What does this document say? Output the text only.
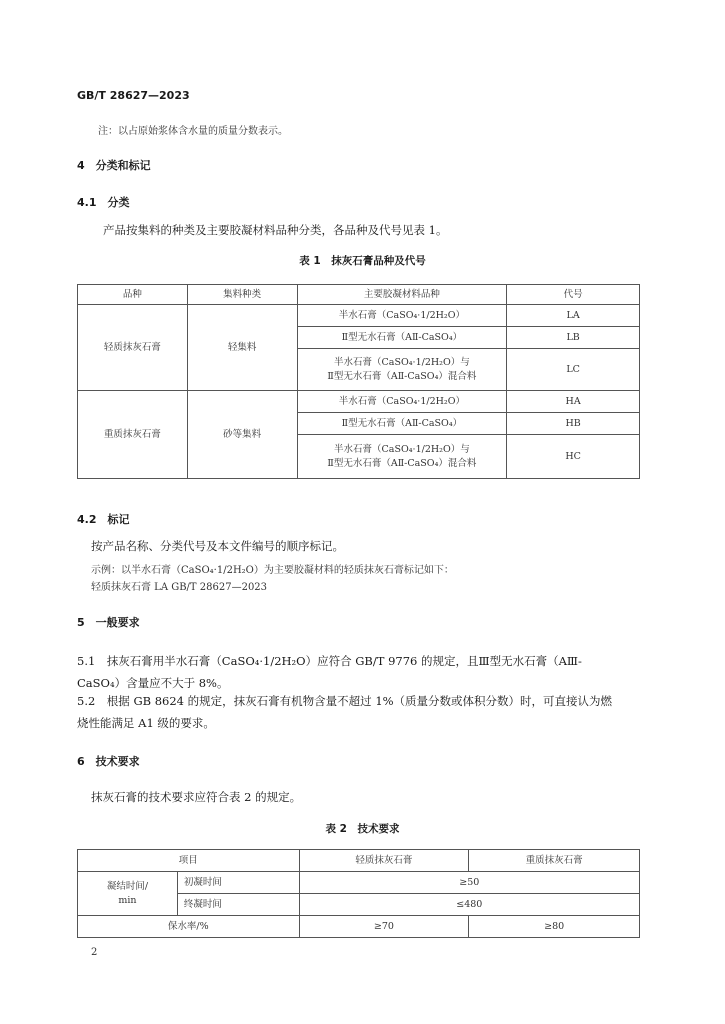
GB/T 28627—2023
注：以占原始浆体含水量的质量分数表示。
4　分类和标记
4.1　分类
产品按集料的种类及主要胶凝材料品种分类，各品种及代号见表 1。
表 1　抹灰石膏品种及代号
品种	集料种类	主要胶凝材料品种	代号
轻质抹灰石膏	轻集料	半水石膏（CaSO₄·1/2H₂O）	LA
		Ⅱ型无水石膏（AⅡ-CaSO₄）	LB

		半水石膏（CaSO₄·1/2H₂O）与
Ⅱ型无水石膏（AⅡ-CaSO₄）混合料	LC
重质抹灰石膏	砂等集料	半水石膏（CaSO₄·1/2H₂O）	HA
		Ⅱ型无水石膏（AⅡ-CaSO₄）	HB

		半水石膏（CaSO₄·1/2H₂O）与
Ⅱ型无水石膏（AⅡ-CaSO₄）混合料	HC
4.2　标记
按产品名称、分类代号及本文件编号的顺序标记。
示例：以半水石膏（CaSO₄·1/2H₂O）为主要胶凝材料的轻质抹灰石膏标记如下：
轻质抹灰石膏 LA GB/T 28627—2023
5　一般要求
5.1　抹灰石膏用半水石膏（CaSO₄·1/2H₂O）应符合 GB/T 9776 的规定，且Ⅲ型无水石膏（AⅢ-
CaSO₄）含量应不大于 8%。
5.2　根据 GB 8624 的规定，抹灰石膏有机物含量不超过 1%（质量分数或体积分数）时，可直接认为燃
烧性能满足 A1 级的要求。
6　技术要求
抹灰石膏的技术要求应符合表 2 的规定。
表 2　技术要求
项目		轻质抹灰石膏	重质抹灰石膏

凝结时间/
min	初凝时间	≥50	
	终凝时间	≤480	
保水率/%		≥70	≥80
2
